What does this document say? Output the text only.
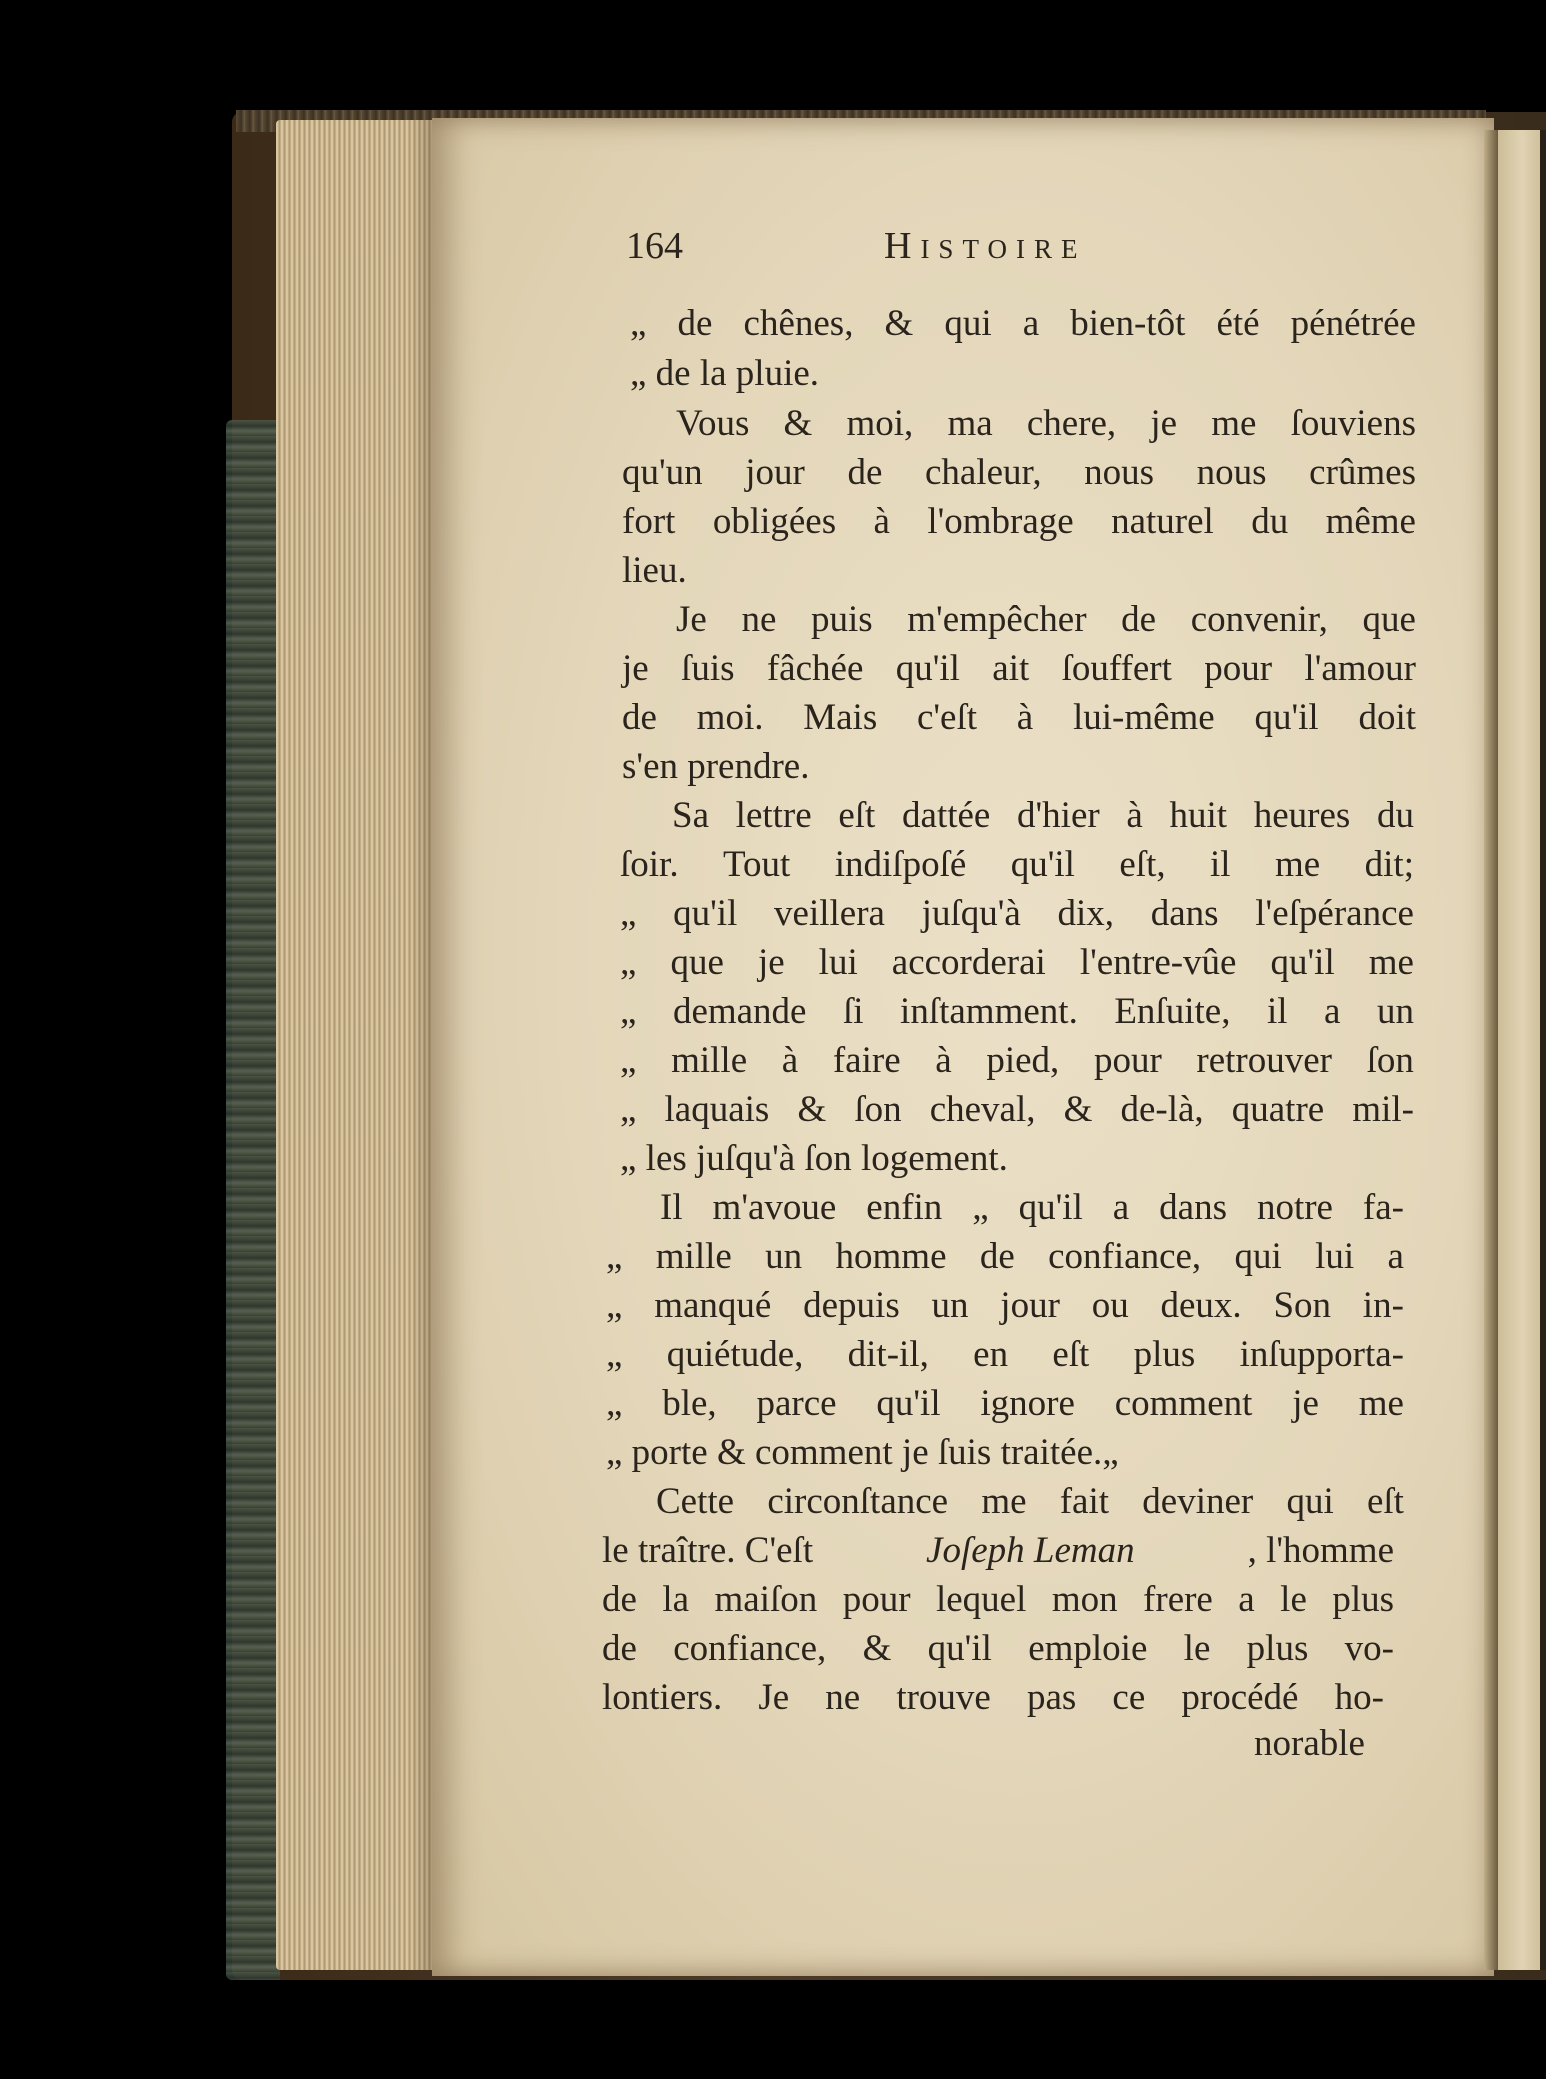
164	Histoire
„ de chênes, & qui a bien-tôt été pénétrée
„ de la pluie.
Vous & moi, ma chere, je me ſouviens
qu'un jour de chaleur, nous nous crûmes
fort obligées à l'ombrage naturel du même
lieu.
Je ne puis m'empêcher de convenir, que
je ſuis fâchée qu'il ait ſouffert pour l'amour
de moi. Mais c'eſt à lui-même qu'il doit
s'en prendre.
Sa lettre eſt dattée d'hier à huit heures du
ſoir. Tout indiſpoſé qu'il eſt, il me dit;
„ qu'il veillera juſqu'à dix, dans l'eſpérance
„ que je lui accorderai l'entre-vûe qu'il me
„ demande ſi inſtamment. Enſuite, il a un
„ mille à faire à pied, pour retrouver ſon
„ laquais & ſon cheval, & de-là, quatre mil-
„ les juſqu'à ſon logement.
Il m'avoue enfin „ qu'il a dans notre fa-
„ mille un homme de confiance, qui lui a
„ manqué depuis un jour ou deux. Son in-
„ quiétude, dit-il, en eſt plus inſupporta-
„ ble, parce qu'il ignore comment je me
„ porte & comment je ſuis traitée.„
Cette circonſtance me fait deviner qui eſt
le traître. C'eſt	Joſeph Leman	, l'homme
de la maiſon pour lequel mon frere a le plus
de confiance, & qu'il emploie le plus vo-
lontiers. Je ne trouve pas ce procédé ho-
norable
